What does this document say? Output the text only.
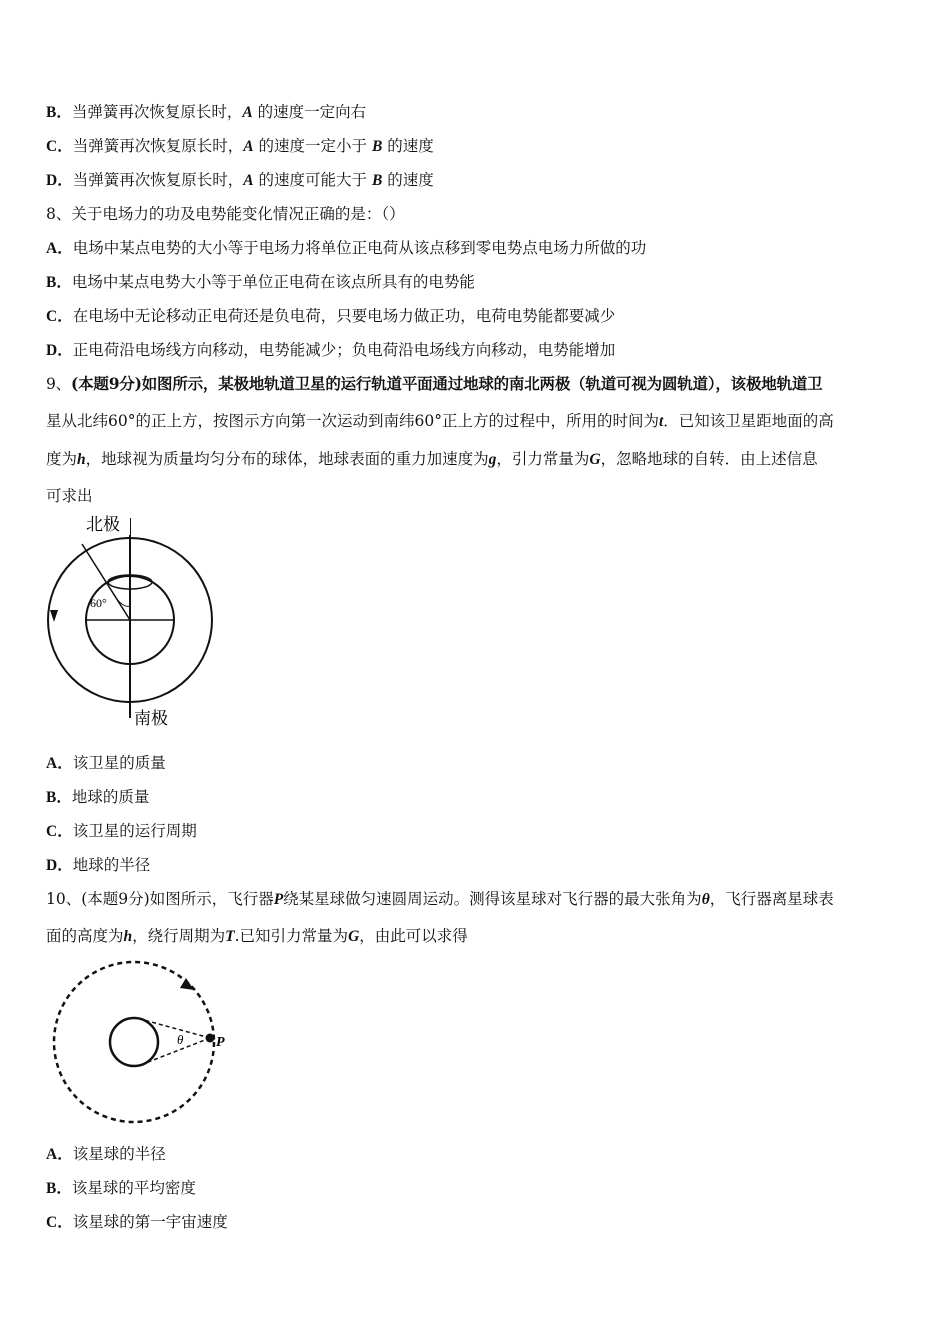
B．当弹簧再次恢复原长时，A 的速度一定向右
C．当弹簧再次恢复原长时，A 的速度一定小于 B 的速度
D．当弹簧再次恢复原长时，A 的速度可能大于 B 的速度
8、关于电场力的功及电势能变化情况正确的是：（）
A．电场中某点电势的大小等于电场力将单位正电荷从该点移到零电势点电场力所做的功
B．电场中某点电势大小等于单位正电荷在该点所具有的电势能
C．在电场中无论移动正电荷还是负电荷，只要电场力做正功，电荷电势能都要减少
D．正电荷沿电场线方向移动，电势能减少；负电荷沿电场线方向移动，电势能增加
9、(本题9分)如图所示，某极地轨道卫星的运行轨道平面通过地球的南北两极（轨道可视为圆轨道），该极地轨道卫
星从北纬60°的正上方，按图示方向第一次运动到南纬60°正上方的过程中，所用的时间为t．已知该卫星距地面的高
度为h，地球视为质量均匀分布的球体，地球表面的重力加速度为g，引力常量为G，忽略地球的自转．由上述信息
可求出
60°
北极
南极
A．该卫星的质量
B．地球的质量
C．该卫星的运行周期
D．地球的半径
10、(本题9分)如图所示，飞行器P绕某星球做匀速圆周运动。测得该星球对飞行器的最大张角为θ，飞行器离星球表
面的高度为h，绕行周期为T.已知引力常量为G，由此可以求得
θ P
A．该星球的半径
B．该星球的平均密度
C．该星球的第一宇宙速度
